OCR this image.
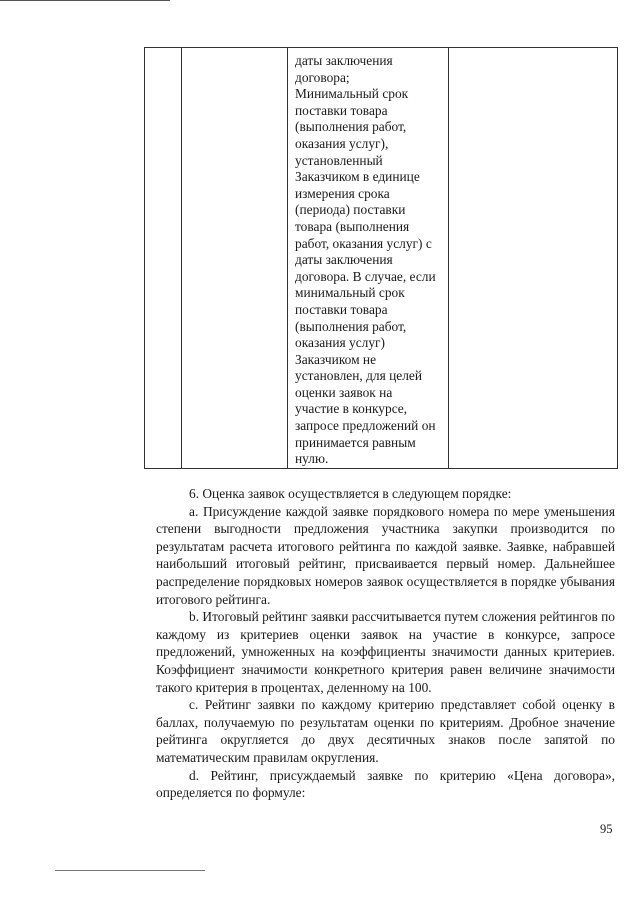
даты заключения
договора;
Минимальный срок
поставки товара
(выполнения работ,
оказания услуг),
установленный
Заказчиком в единице
измерения срока
(периода) поставки
товара (выполнения
работ, оказания услуг) с
даты заключения
договора. В случае, если
минимальный срок
поставки товара
(выполнения работ,
оказания услуг)
Заказчиком не
установлен, для целей
оценки заявок на
участие в конкурсе,
запросе предложений он
принимается равным
нулю.

6. Оценка заявок осуществляется в следующем порядке:

a. Присуждение каждой заявке порядкового номера по мере уменьшения степени выгодности предложения участника закупки производится по результатам расчета итогового рейтинга по каждой заявке. Заявке, набравшей наибольший итоговый рейтинг, присваивается первый номер. Дальнейшее распределение порядковых номеров заявок осуществляется в порядке убывания итогового рейтинга.

b. Итоговый рейтинг заявки рассчитывается путем сложения рейтингов по каждому из критериев оценки заявок на участие в конкурсе, запросе предложений, умноженных на коэффициенты значимости данных критериев. Коэффициент значимости конкретного критерия равен величине значимости такого критерия в процентах, деленному на 100.

c. Рейтинг заявки по каждому критерию представляет собой оценку в баллах, получаемую по результатам оценки по критериям. Дробное значение рейтинга округляется до двух десятичных знаков после запятой по математическим правилам округления.

d. Рейтинг, присуждаемый заявке по критерию «Цена договора», определяется по формуле:

95
